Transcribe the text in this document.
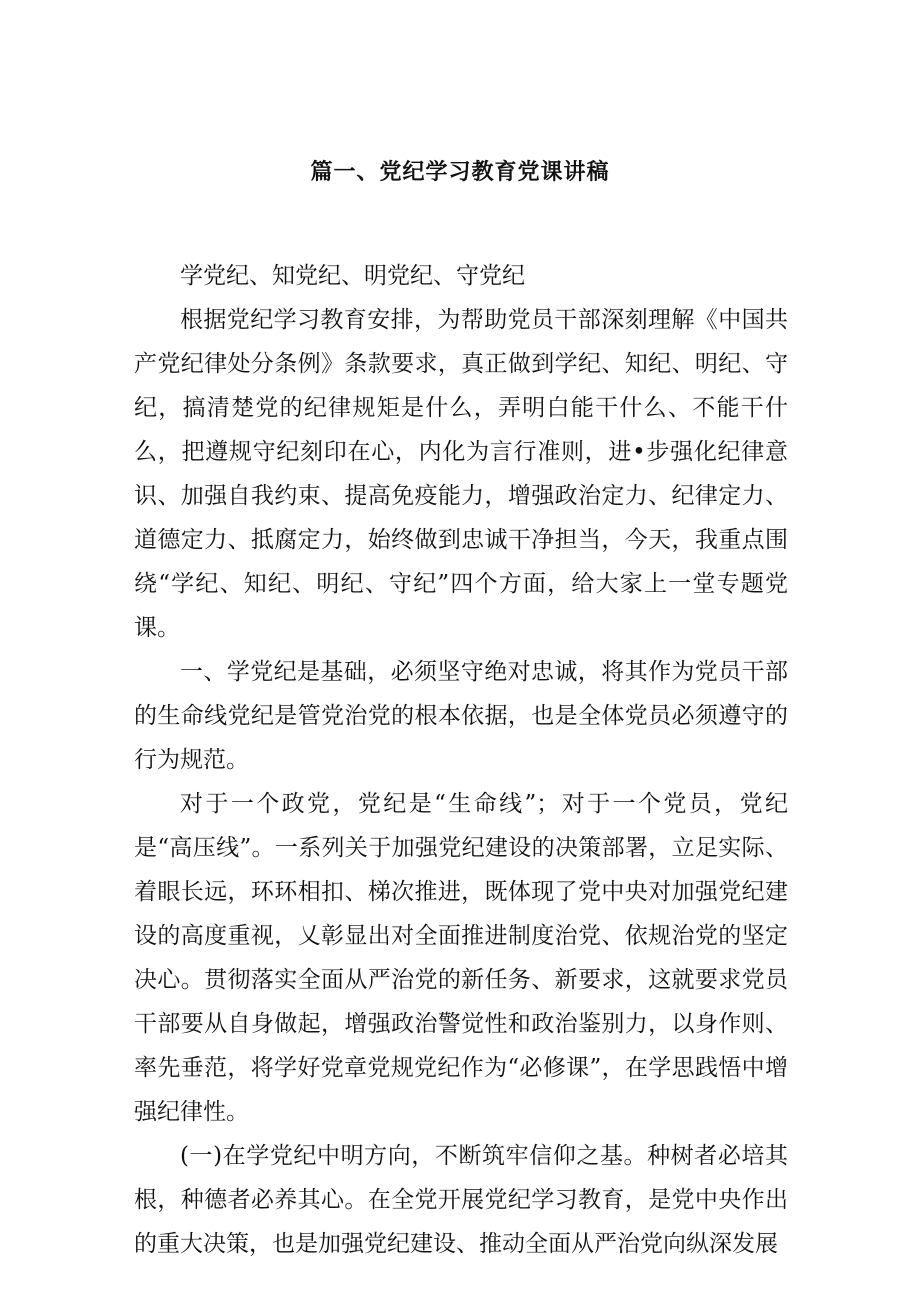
篇一、党纪学习教育党课讲稿

学党纪、知党纪、明党纪、守党纪

根据党纪学习教育安排，为帮助党员干部深刻理解《中国共产党纪律处分条例》条款要求，真正做到学纪、知纪、明纪、守纪，搞清楚党的纪律规矩是什么，弄明白能干什么、不能干什么，把遵规守纪刻印在心，内化为言行准则，进•步强化纪律意识、加强自我约束、提高免疫能力，增强政治定力、纪律定力、道德定力、抵腐定力，始终做到忠诚干净担当，今天，我重点围绕“学纪、知纪、明纪、守纪”四个方面，给大家上一堂专题党课。

一、学党纪是基础，必须坚守绝对忠诚，将其作为党员干部的生命线党纪是管党治党的根本依据，也是全体党员必须遵守的行为规范。

对于一个政党，党纪是“生命线”；对于一个党员，党纪是“高压线”。一系列关于加强党纪建设的决策部署，立足实际、着眼长远，环环相扣、梯次推进，既体现了党中央对加强党纪建设的高度重视，乂彰显出对全面推进制度治党、依规治党的坚定决心。贯彻落实全面从严治党的新任务、新要求，这就要求党员干部要从自身做起，增强政治警觉性和政治鉴别力，以身作则、率先垂范，将学好党章党规党纪作为“必修课”，在学思践悟中增强纪律性。

(一)在学党纪中明方向，不断筑牢信仰之基。种树者必培其根，种德者必养其心。在全党开展党纪学习教育，是党中央作出的重大决策，也是加强党纪建设、推动全面从严治党向纵深发展
